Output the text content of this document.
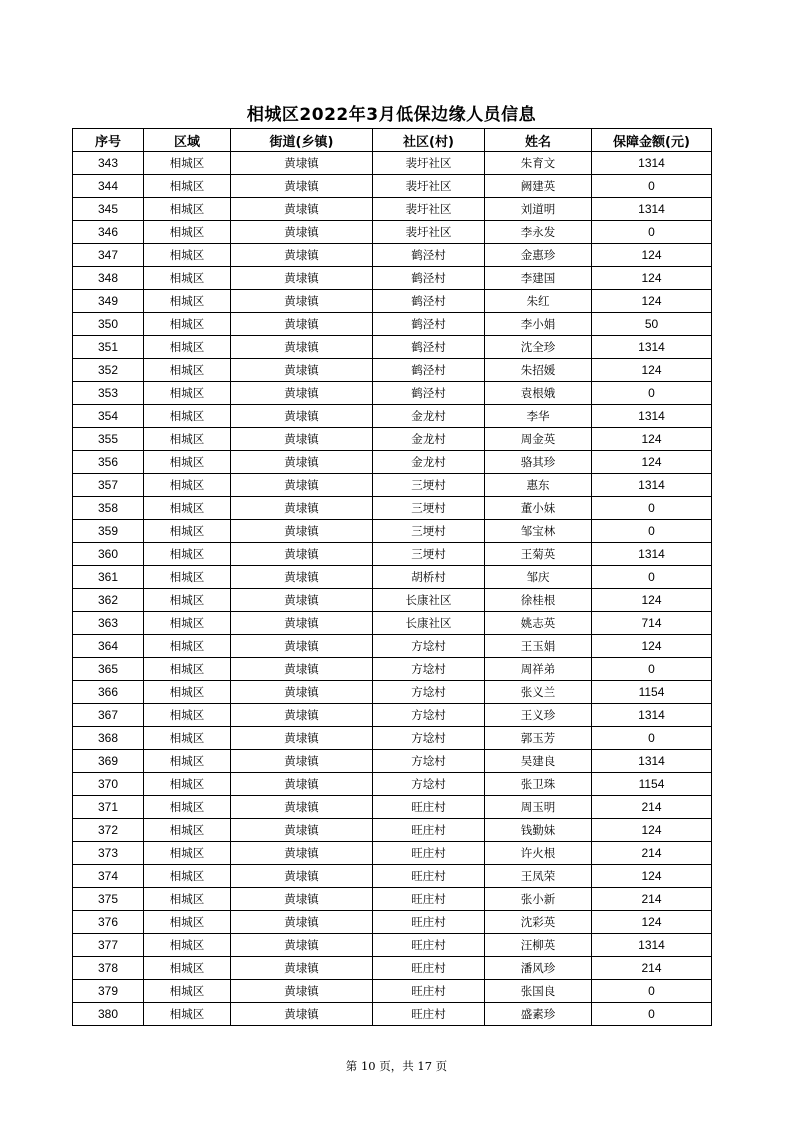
相城区2022年3月低保边缘人员信息
序号	区域	街道(乡镇)	社区(村)	姓名	保障金额(元)
343	相城区	黄埭镇	裴圩社区	朱育文	1314
344	相城区	黄埭镇	裴圩社区	阙建英	0
345	相城区	黄埭镇	裴圩社区	刘道明	1314
346	相城区	黄埭镇	裴圩社区	李永发	0
347	相城区	黄埭镇	鹤泾村	金惠珍	124
348	相城区	黄埭镇	鹤泾村	李建国	124
349	相城区	黄埭镇	鹤泾村	朱红	124
350	相城区	黄埭镇	鹤泾村	李小娟	50
351	相城区	黄埭镇	鹤泾村	沈全珍	1314
352	相城区	黄埭镇	鹤泾村	朱招媛	124
353	相城区	黄埭镇	鹤泾村	袁根娥	0
354	相城区	黄埭镇	金龙村	李华	1314
355	相城区	黄埭镇	金龙村	周金英	124
356	相城区	黄埭镇	金龙村	骆其珍	124
357	相城区	黄埭镇	三埂村	惠东	1314
358	相城区	黄埭镇	三埂村	董小妹	0
359	相城区	黄埭镇	三埂村	邹宝林	0
360	相城区	黄埭镇	三埂村	王菊英	1314
361	相城区	黄埭镇	胡桥村	邹庆	0
362	相城区	黄埭镇	长康社区	徐桂根	124
363	相城区	黄埭镇	长康社区	姚志英	714
364	相城区	黄埭镇	方埝村	王玉娟	124
365	相城区	黄埭镇	方埝村	周祥弟	0
366	相城区	黄埭镇	方埝村	张义兰	1154
367	相城区	黄埭镇	方埝村	王义珍	1314
368	相城区	黄埭镇	方埝村	郭玉芳	0
369	相城区	黄埭镇	方埝村	吴建良	1314
370	相城区	黄埭镇	方埝村	张卫珠	1154
371	相城区	黄埭镇	旺庄村	周玉明	214
372	相城区	黄埭镇	旺庄村	钱勤妹	124
373	相城区	黄埭镇	旺庄村	许火根	214
374	相城区	黄埭镇	旺庄村	王凤荣	124
375	相城区	黄埭镇	旺庄村	张小新	214
376	相城区	黄埭镇	旺庄村	沈彩英	124
377	相城区	黄埭镇	旺庄村	汪柳英	1314
378	相城区	黄埭镇	旺庄村	潘风珍	214
379	相城区	黄埭镇	旺庄村	张国良	0
380	相城区	黄埭镇	旺庄村	盛素珍	0
第 10 页，共 17 页
